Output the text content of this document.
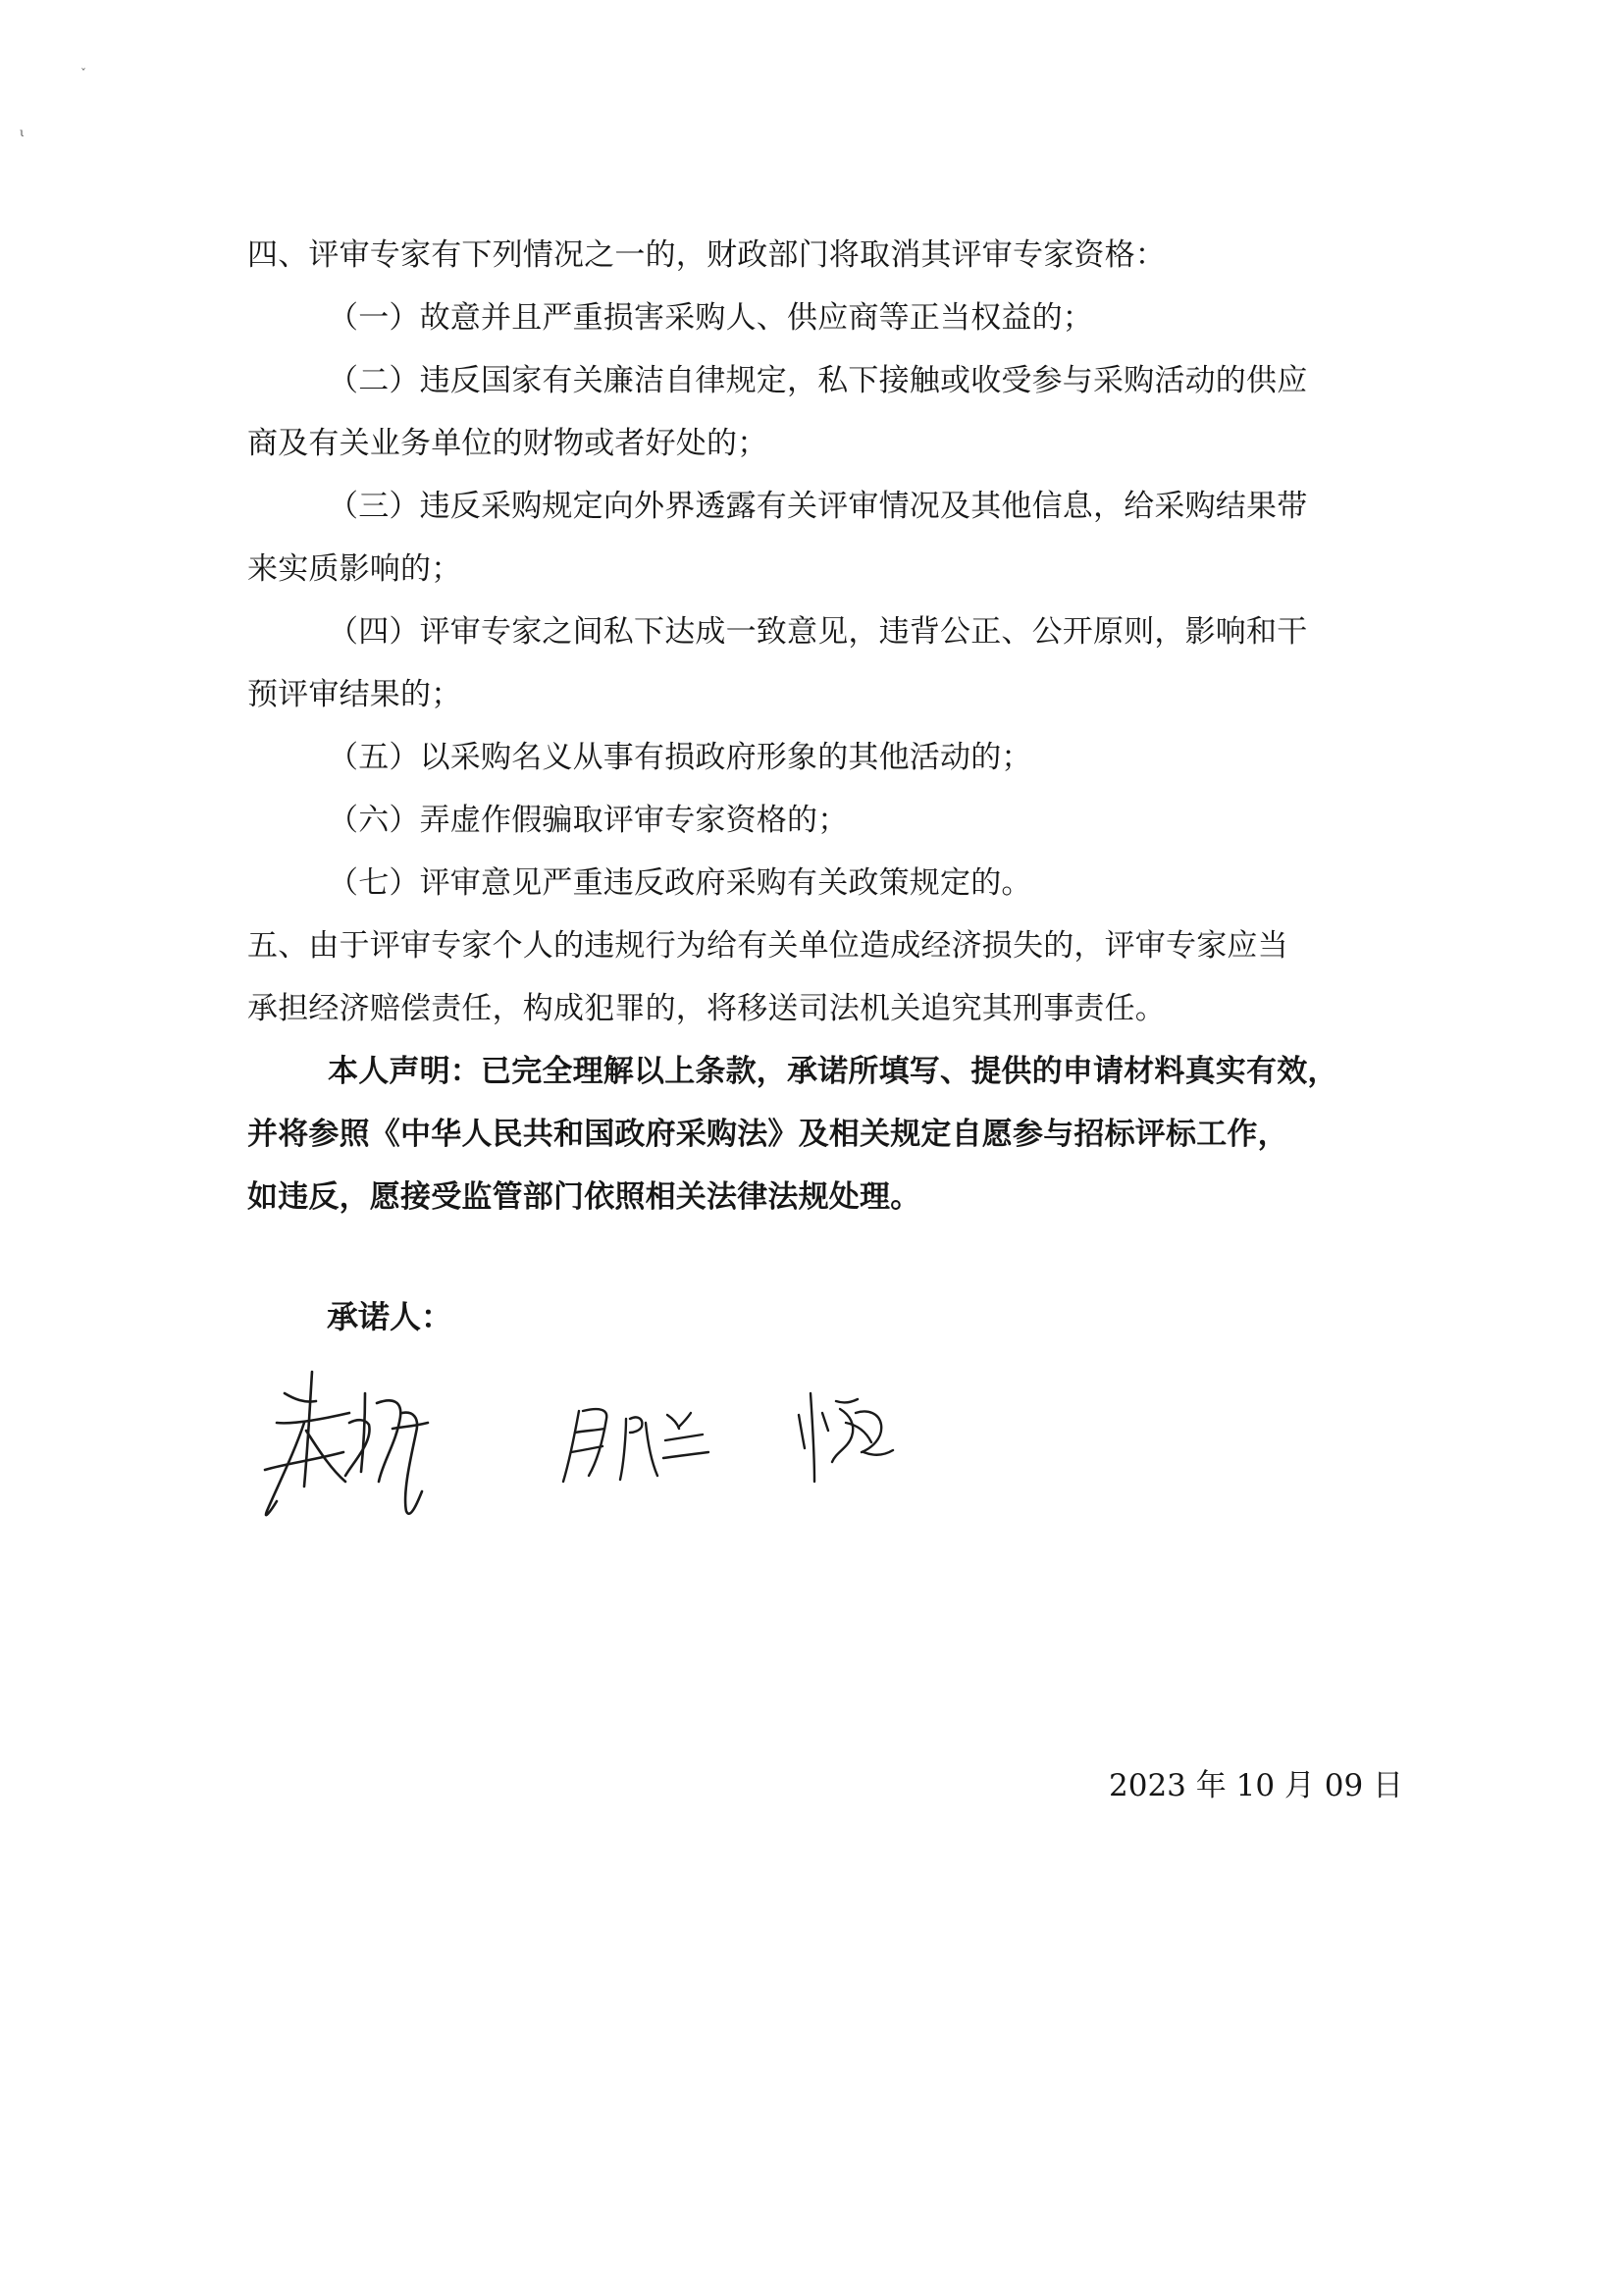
ˇ
ι
四、评审专家有下列情况之一的，财政部门将取消其评审专家资格：
（一）故意并且严重损害采购人、供应商等正当权益的；
（二）违反国家有关廉洁自律规定，私下接触或收受参与采购活动的供应
商及有关业务单位的财物或者好处的；
（三）违反采购规定向外界透露有关评审情况及其他信息，给采购结果带
来实质影响的；
（四）评审专家之间私下达成一致意见，违背公正、公开原则，影响和干
预评审结果的；
（五）以采购名义从事有损政府形象的其他活动的；
（六）弄虚作假骗取评审专家资格的；
（七）评审意见严重违反政府采购有关政策规定的。
五、由于评审专家个人的违规行为给有关单位造成经济损失的，评审专家应当
承担经济赔偿责任，构成犯罪的，将移送司法机关追究其刑事责任。
本人声明：已完全理解以上条款，承诺所填写、提供的申请材料真实有效，
并将参照《中华人民共和国政府采购法》及相关规定自愿参与招标评标工作，
如违反，愿接受监管部门依照相关法律法规处理。
承诺人：
2023 年 10 月 09 日
